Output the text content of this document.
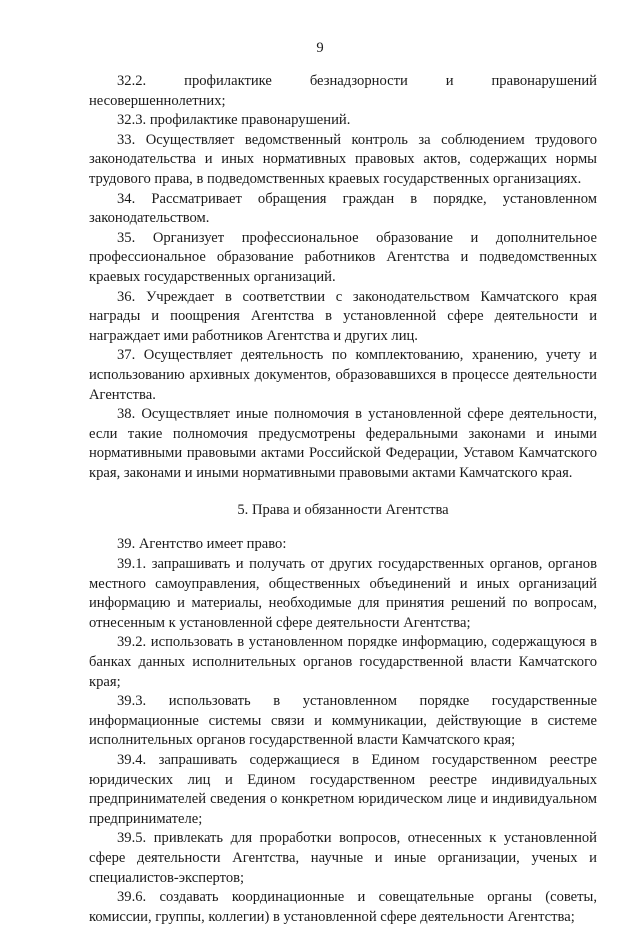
9

32.2. профилактике безнадзорности и правонарушений несовершеннолетних;

32.3. профилактике правонарушений.

33. Осуществляет ведомственный контроль за соблюдением трудового законодательства и иных нормативных правовых актов, содержащих нормы трудового права, в подведомственных краевых государственных организациях.

34. Рассматривает обращения граждан в порядке, установленном законодательством.

35. Организует профессиональное образование и дополнительное профессиональное образование работников Агентства и подведомственных краевых государственных организаций.

36. Учреждает в соответствии с законодательством Камчатского края награды и поощрения Агентства в установленной сфере деятельности и награждает ими работников Агентства и других лиц.

37. Осуществляет деятельность по комплектованию, хранению, учету и использованию архивных документов, образовавшихся в процессе деятельности Агентства.

38. Осуществляет иные полномочия в установленной сфере деятельности, если такие полномочия предусмотрены федеральными законами и иными нормативными правовыми актами Российской Федерации, Уставом Камчатского края, законами и иными нормативными правовыми актами Камчатского края.

5. Права и обязанности Агентства

39. Агентство имеет право:

39.1. запрашивать и получать от других государственных органов, органов местного самоуправления, общественных объединений и иных организаций информацию и материалы, необходимые для принятия решений по вопросам, отнесенным к установленной сфере деятельности Агентства;

39.2. использовать в установленном порядке информацию, содержащуюся в банках данных исполнительных органов государственной власти Камчатского края;

39.3. использовать в установленном порядке государственные информационные системы связи и коммуникации, действующие в системе исполнительных органов государственной власти Камчатского края;

39.4. запрашивать содержащиеся в Едином государственном реестре юридических лиц и Едином государственном реестре индивидуальных предпринимателей сведения о конкретном юридическом лице и индивидуальном предпринимателе;

39.5. привлекать для проработки вопросов, отнесенных к установленной сфере деятельности Агентства, научные и иные организации, ученых и специалистов-экспертов;

39.6. создавать координационные и совещательные органы (советы, комиссии, группы, коллегии) в установленной сфере деятельности Агентства;
